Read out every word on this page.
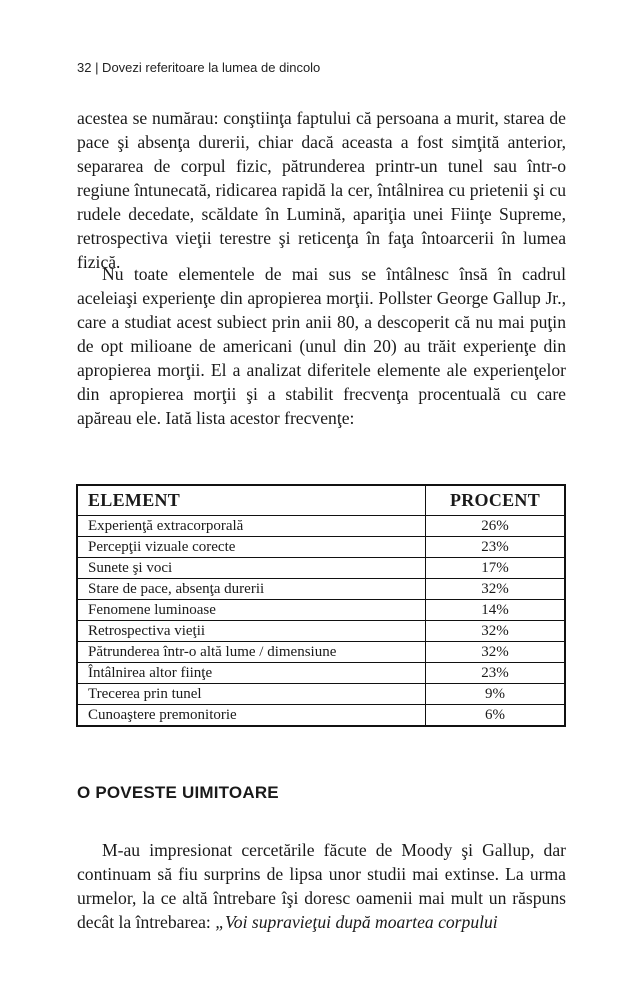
32 | Dovezi referitoare la lumea de dincolo

acestea se numărau: conştiinţa faptului că persoana a murit, starea de pace şi absenţa durerii, chiar dacă aceasta a fost simţită anterior, separarea de corpul fizic, pătrunderea printr-un tunel sau într-o regiune întunecată, ridicarea rapidă la cer, întâlnirea cu prietenii şi cu rudele decedate, scăldate în Lumină, apariţia unei Fiinţe Supreme, retrospectiva vieţii terestre şi reticenţa în faţa întoarcerii în lumea fizică.

Nu toate elementele de mai sus se întâlnesc însă în cadrul aceleiaşi experienţe din apropierea morţii. Pollster George Gallup Jr., care a studiat acest subiect prin anii 80, a descoperit că nu mai puţin de opt milioane de americani (unul din 20) au trăit experienţe din apropierea morţii. El a analizat diferitele elemente ale experienţelor din apropierea morţii şi a stabilit frecvenţa procentuală cu care apăreau ele. Iată lista acestor frecvenţe:

ELEMENT	PROCENT
Experienţă extracorporală	26%
Percepţii vizuale corecte	23%
Sunete şi voci	17%
Stare de pace, absenţa durerii	32%
Fenomene luminoase	14%
Retrospectiva vieţii	32%
Pătrunderea într-o altă lume / dimensiune	32%
Întâlnirea altor fiinţe	23%
Trecerea prin tunel	9%
Cunoaştere premonitorie	6%
O POVESTE UIMITOARE

M-au impresionat cercetările făcute de Moody şi Gallup, dar continuam să fiu surprins de lipsa unor studii mai extinse. La urma urmelor, la ce altă întrebare îşi doresc oamenii mai mult un răspuns decât la întrebarea: „Voi supravieţui după moartea corpului
